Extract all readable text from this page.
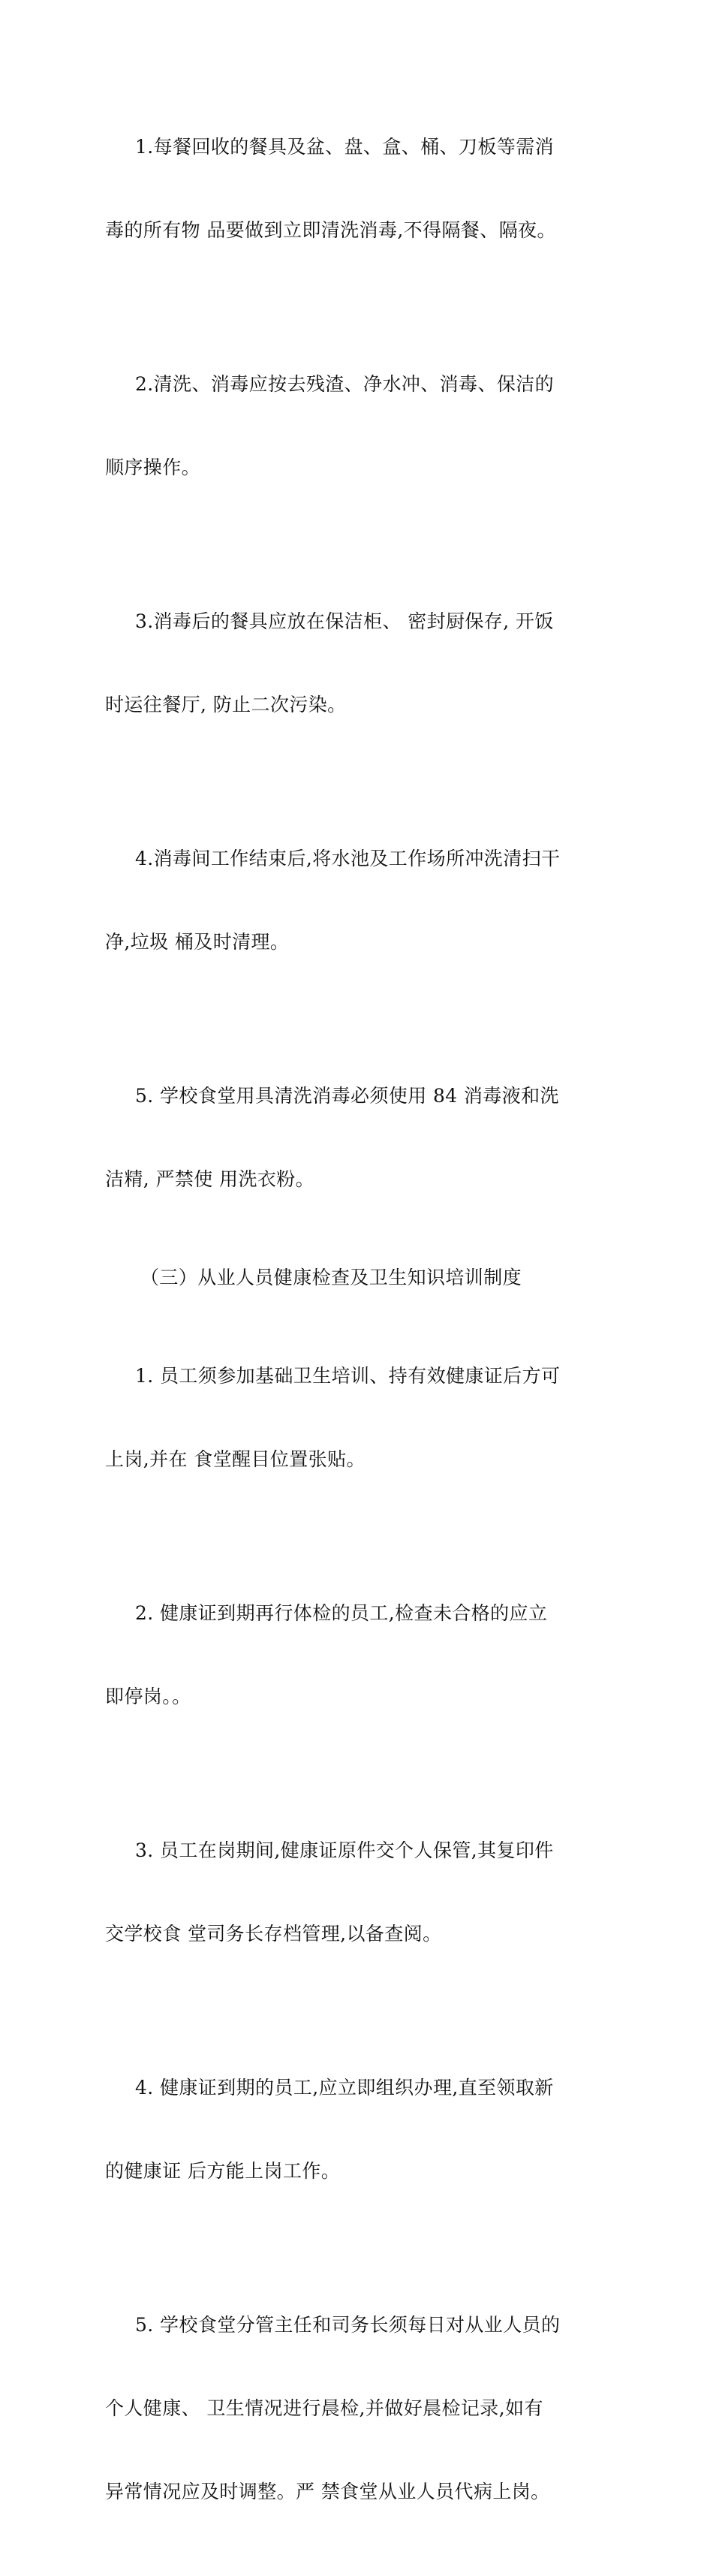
1.每餐回收的餐具及盆、盘、盒、桶、刀板等需消

毒的所有物 品要做到立即清洗消毒,不得隔餐、隔夜。

2.清洗、消毒应按去残渣、净水冲、消毒、保洁的

顺序操作。

3.消毒后的餐具应放在保洁柜、 密封厨保存, 开饭

时运往餐厅, 防止二次污染。

4.消毒间工作结束后,将水池及工作场所冲洗清扫干

净,垃圾 桶及时清理。

5. 学校食堂用具清洗消毒必须使用 84 消毒液和洗

洁精, 严禁使 用洗衣粉。

（三）从业人员健康检查及卫生知识培训制度

1. 员工须参加基础卫生培训、持有效健康证后方可

上岗,并在 食堂醒目位置张贴。

2. 健康证到期再行体检的员工,检查未合格的应立

即停岗。。

3. 员工在岗期间,健康证原件交个人保管,其复印件

交学校食 堂司务长存档管理,以备查阅。

4. 健康证到期的员工,应立即组织办理,直至领取新

的健康证 后方能上岗工作。

5. 学校食堂分管主任和司务长须每日对从业人员的

个人健康、 卫生情况进行晨检,并做好晨检记录,如有

异常情况应及时调整。严 禁食堂从业人员代病上岗。
